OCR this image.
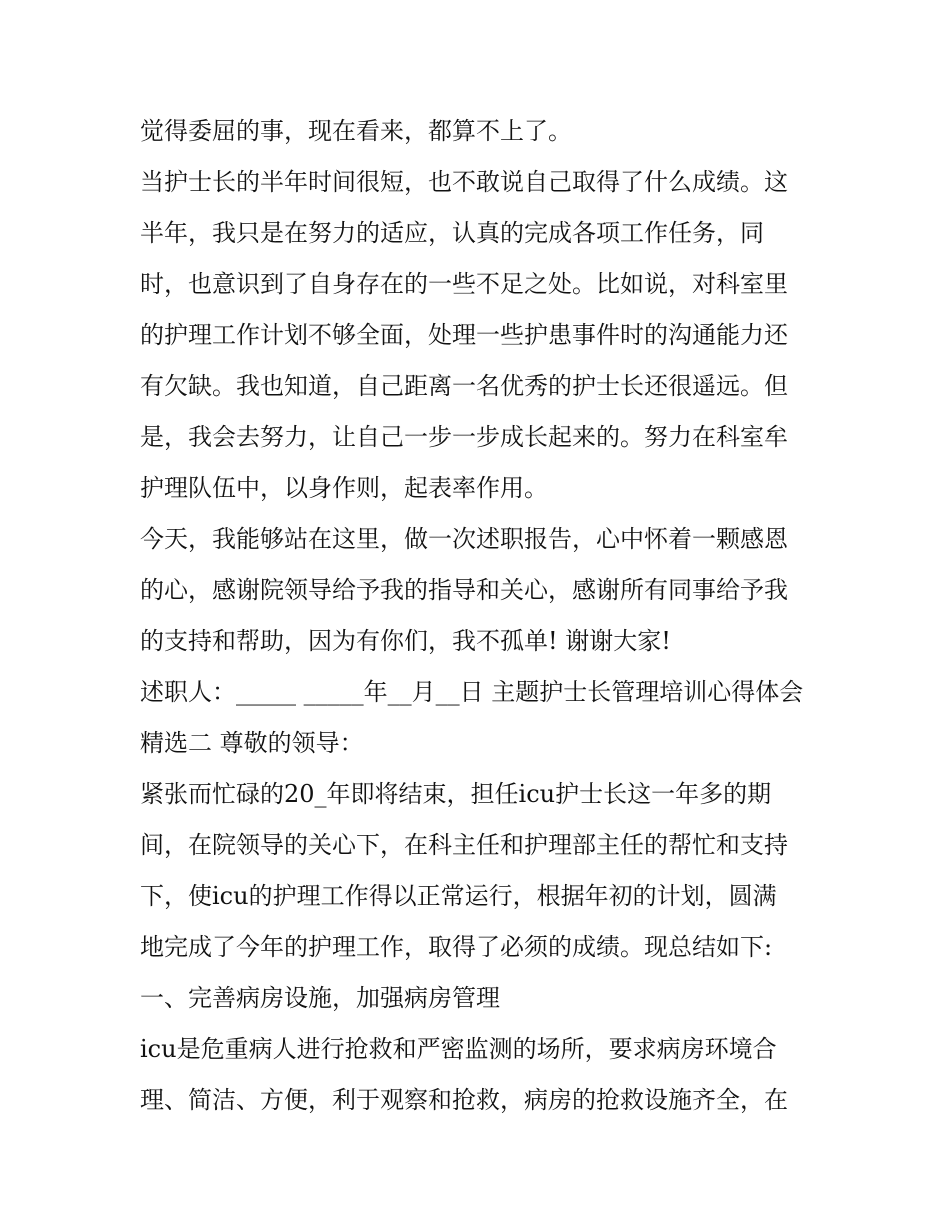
觉得委屈的事，现在看来，都算不上了。
当护士长的半年时间很短，也不敢说自己取得了什么成绩。这
半年，我只是在努力的适应，认真的完成各项工作任务，同
时，也意识到了自身存在的一些不足之处。比如说，对科室里
的护理工作计划不够全面，处理一些护患事件时的沟通能力还
有欠缺。我也知道，自己距离一名优秀的护士长还很遥远。但
是，我会去努力，让自己一步一步成长起来的。努力在科室牟
护理队伍中，以身作则，起表率作用。
今天，我能够站在这里，做一次述职报告，心中怀着一颗感恩
的心，感谢院领导给予我的指导和关心，感谢所有同事给予我
的支持和帮助，因为有你们，我不孤单! 谢谢大家!
述职人：_____ _____年__月__日 主题护士长管理培训心得体会
精选二 尊敬的领导：
紧张而忙碌的20_年即将结束，担任icu护士长这一年多的期
间，在院领导的关心下，在科主任和护理部主任的帮忙和支持
下，使icu的护理工作得以正常运行，根据年初的计划，圆满
地完成了今年的护理工作，取得了必须的成绩。现总结如下:
一、完善病房设施，加强病房管理
icu是危重病人进行抢救和严密监测的场所，要求病房环境合
理、简洁、方便，利于观察和抢救，病房的抢救设施齐全，在
